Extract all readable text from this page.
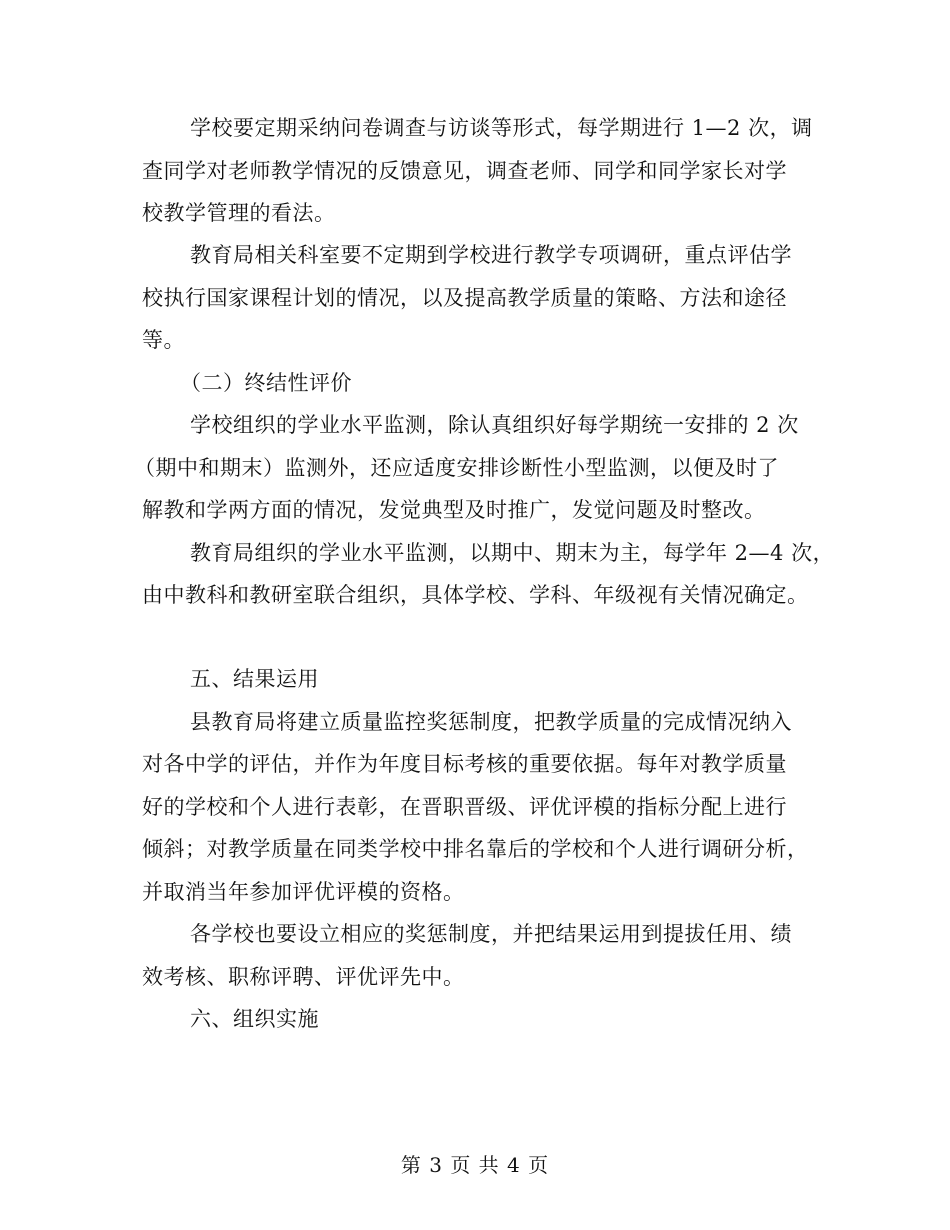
学校要定期采纳问卷调查与访谈等形式，每学期进行 1—2 次，调
查同学对老师教学情况的反馈意见，调查老师、同学和同学家长对学
校教学管理的看法。
教育局相关科室要不定期到学校进行教学专项调研，重点评估学
校执行国家课程计划的情况，以及提高教学质量的策略、方法和途径
等。
（二）终结性评价
学校组织的学业水平监测，除认真组织好每学期统一安排的 2 次
（期中和期末）监测外，还应适度安排诊断性小型监测，以便及时了
解教和学两方面的情况，发觉典型及时推广，发觉问题及时整改。
教育局组织的学业水平监测，以期中、期末为主，每学年 2—4 次，
由中教科和教研室联合组织，具体学校、学科、年级视有关情况确定。
五、结果运用
县教育局将建立质量监控奖惩制度，把教学质量的完成情况纳入
对各中学的评估，并作为年度目标考核的重要依据。每年对教学质量
好的学校和个人进行表彰，在晋职晋级、评优评模的指标分配上进行
倾斜；对教学质量在同类学校中排名靠后的学校和个人进行调研分析，
并取消当年参加评优评模的资格。
各学校也要设立相应的奖惩制度，并把结果运用到提拔任用、绩
效考核、职称评聘、评优评先中。
六、组织实施
第 3 页 共 4 页
